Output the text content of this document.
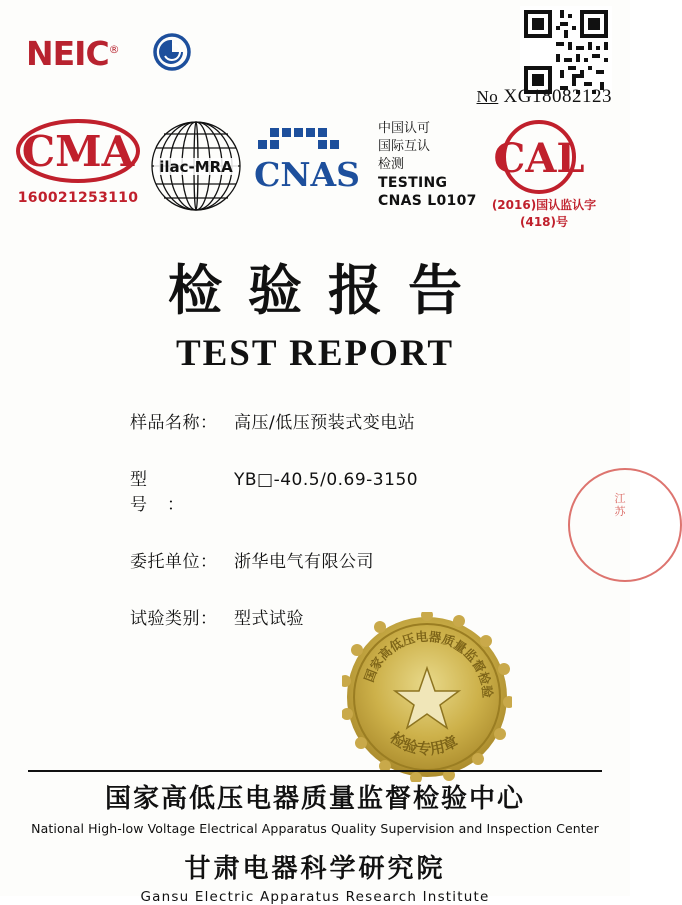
No XG18082123
NEIC®
CMA
160021253110
ilac-MRA CNAS
中国认可
国际互认
检测
TESTING
CNAS L0107
CAL
(2016)国认监认字(418)号
检验报告
TEST REPORT
样品名称： 高压/低压预装式变电站
型号：
YB□-40.5/0.69-3150
委托单位： 浙华电气有限公司
试验类别： 型式试验
国家高低压电器质量监督检验
检验专用章
江苏
国家高低压电器质量监督检验中心
National High-low Voltage Electrical Apparatus Quality Supervision and Inspection Center
甘肃电器科学研究院
Gansu Electric Apparatus Research Institute
